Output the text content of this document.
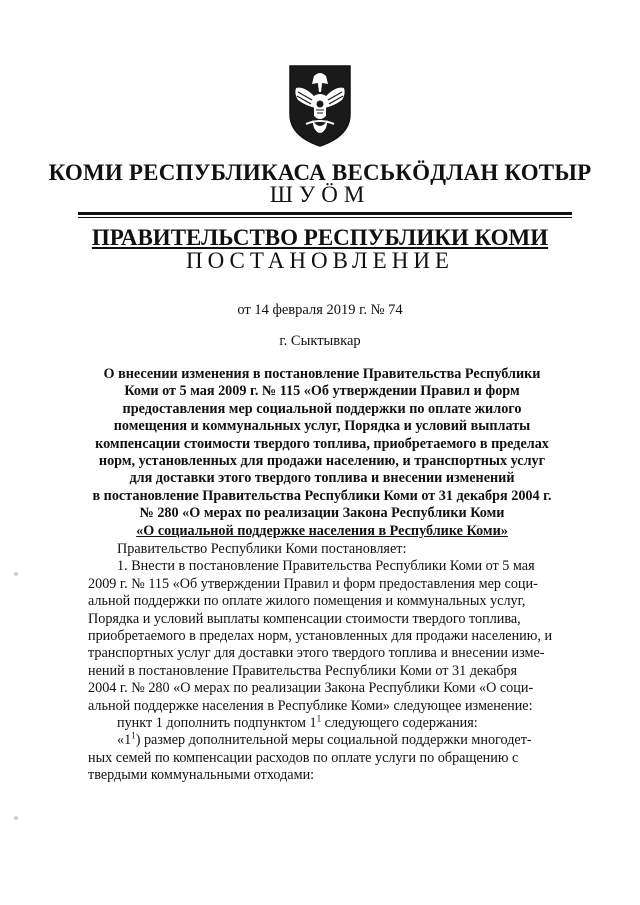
КОМИ РЕСПУБЛИКАСА ВЕСЬКӦДЛАН КОТЫР
ШУӦМ
ПРАВИТЕЛЬСТВО РЕСПУБЛИКИ КОМИ
ПОСТАНОВЛЕНИЕ
от 14 февраля 2019 г. № 74
г. Сыктывкар
О внесении изменения в постановление Правительства Республики
Коми от 5 мая 2009 г. № 115 «Об утверждении Правил и форм
предоставления мер социальной поддержки по оплате жилого
помещения и коммунальных услуг, Порядка и условий выплаты
компенсации стоимости твердого топлива, приобретаемого в пределах
норм, установленных для продажи населению, и транспортных услуг
для доставки этого твердого топлива и внесении изменений
в постановление Правительства Республики Коми от 31 декабря 2004 г.
№ 280 «О мерах по реализации Закона Республики Коми
«О социальной поддержке населения в Республике Коми»
Правительство Республики Коми постановляет:
1. Внести в постановление Правительства Республики Коми от 5 мая
2009 г. № 115 «Об утверждении Правил и форм предоставления мер соци-
альной поддержки по оплате жилого помещения и коммунальных услуг,
Порядка и условий выплаты компенсации стоимости твердого топлива,
приобретаемого в пределах норм, установленных для продажи населению, и
транспортных услуг для доставки этого твердого топлива и внесении изме-
нений в постановление Правительства Республики Коми от 31 декабря
2004 г. № 280 «О мерах по реализации Закона Республики Коми «О соци-
альной поддержке населения в Республике Коми» следующее изменение:
пункт 1 дополнить подпунктом $1^1$ следующего содержания:
«$1^1$) размер дополнительной меры социальной поддержки многодет-
ных семей по компенсации расходов по оплате услуги по обращению с
твердыми коммунальными отходами:
